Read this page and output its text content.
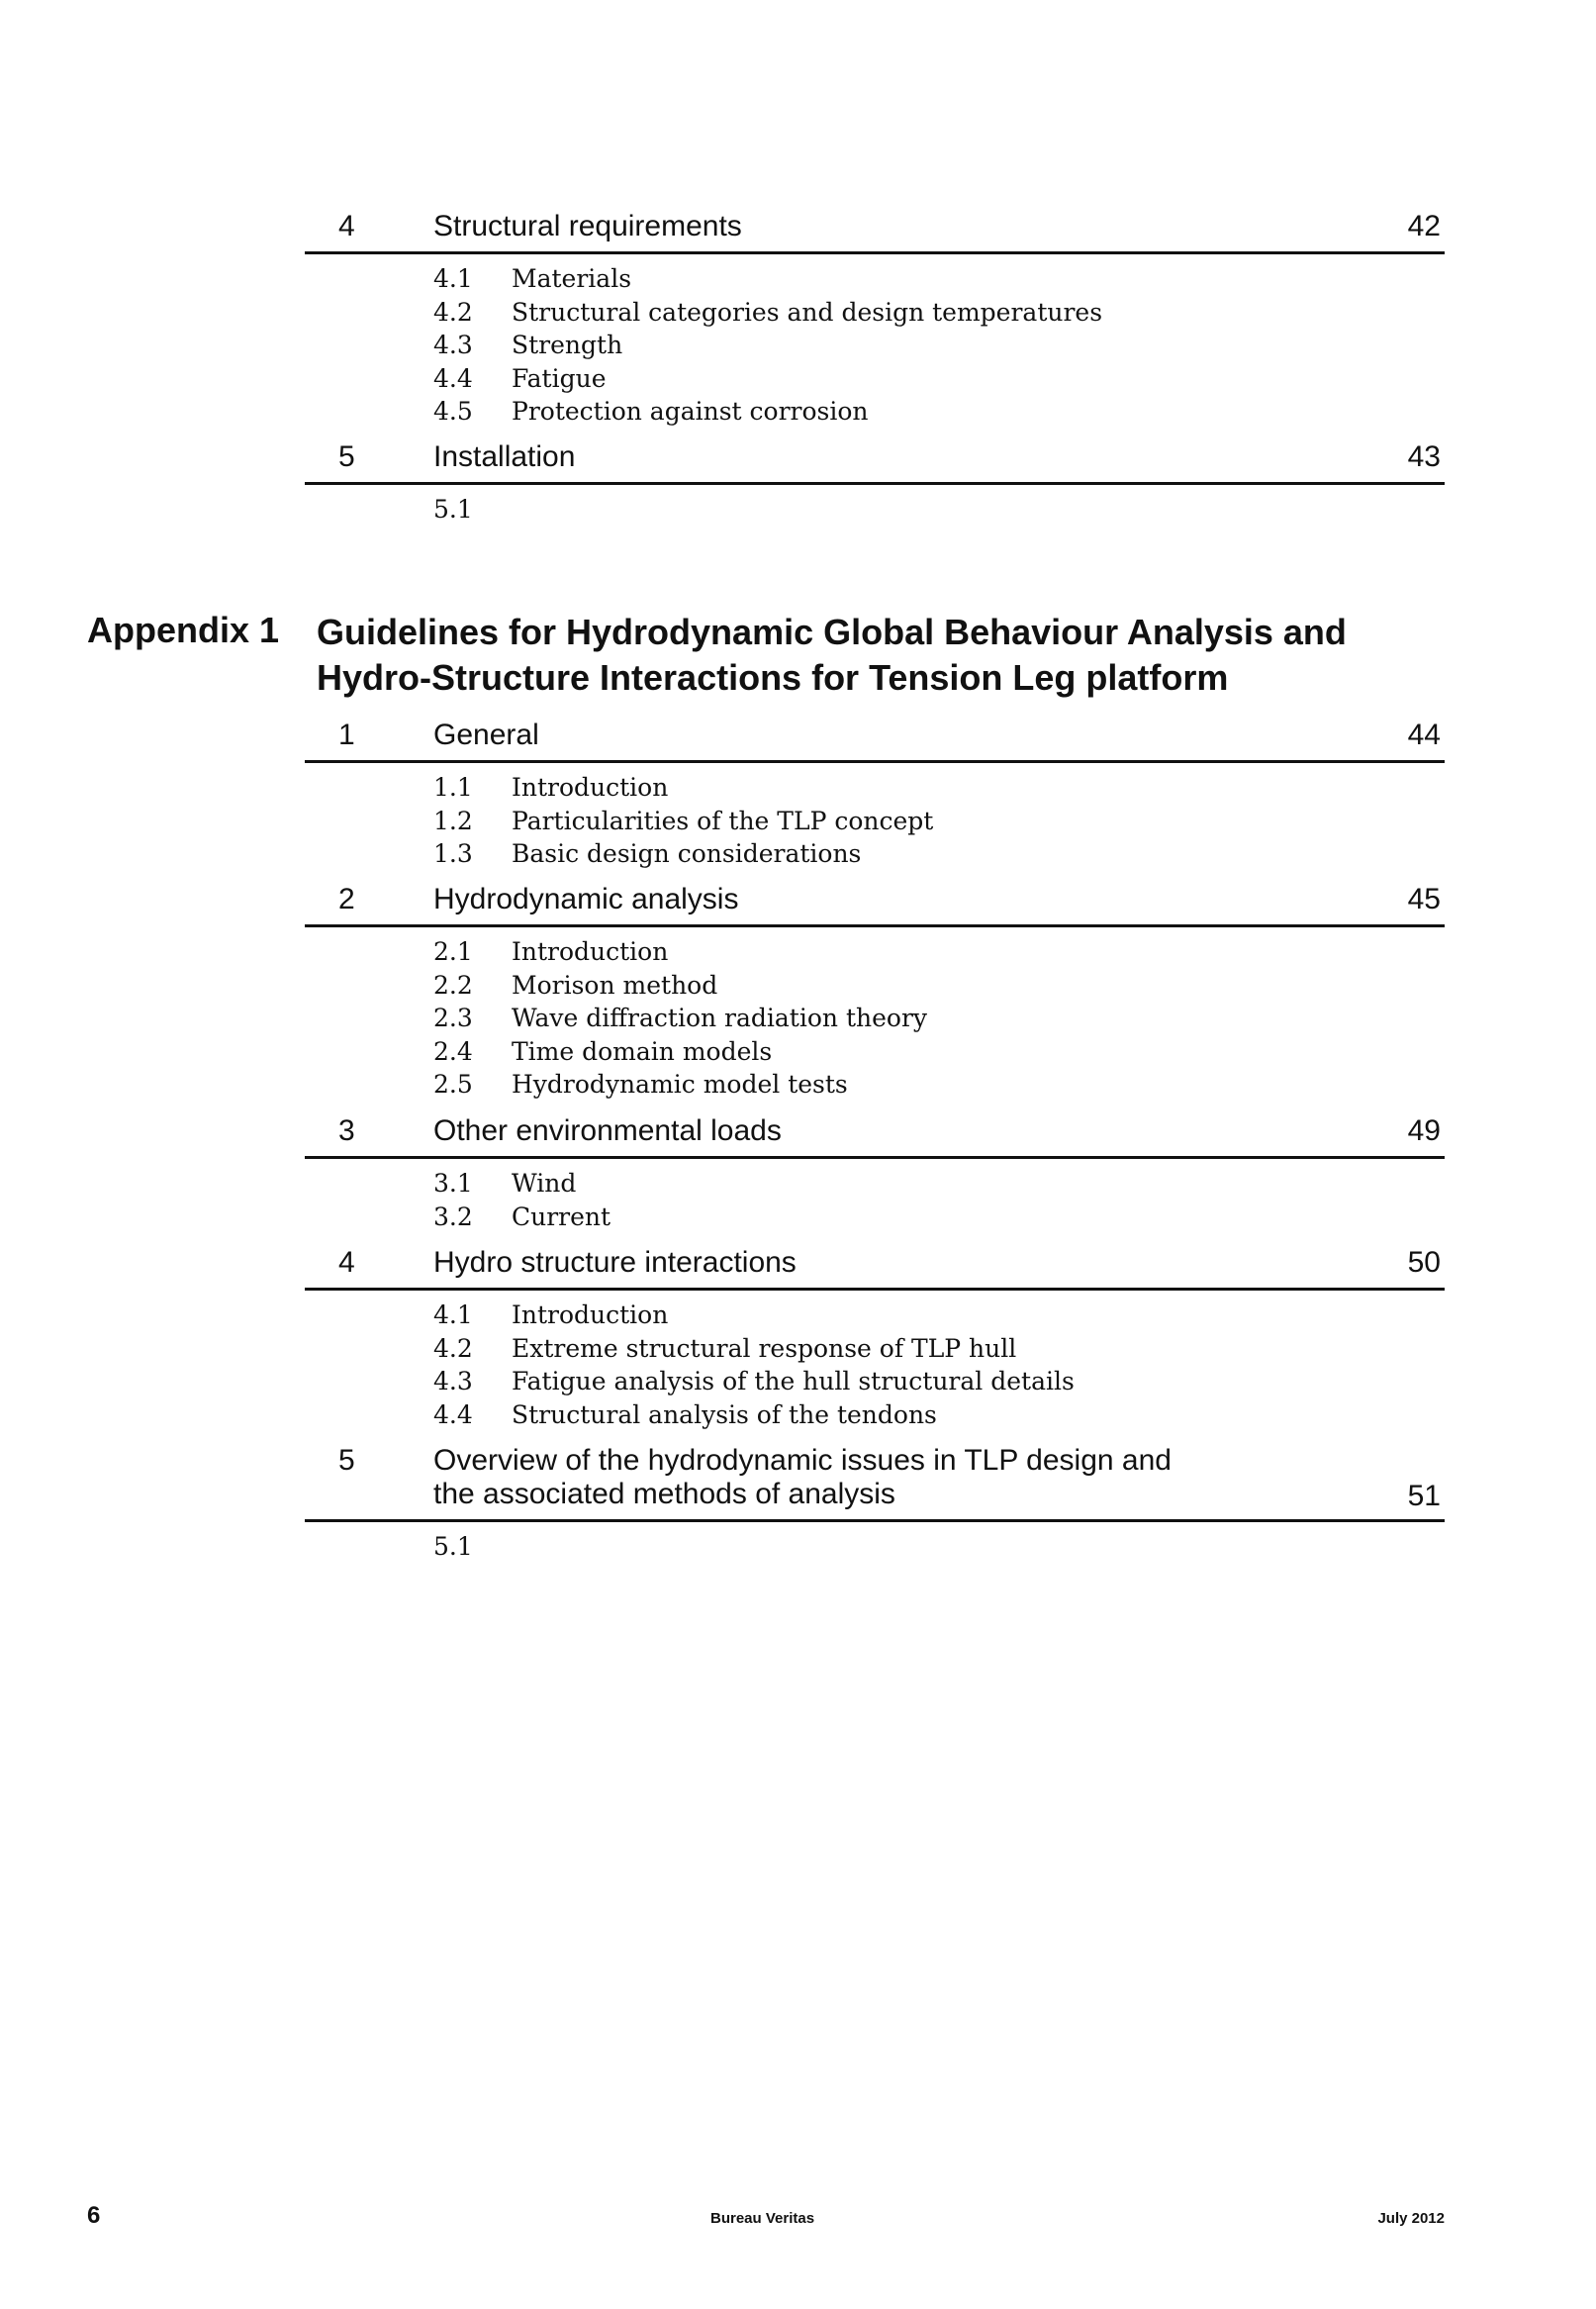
4	Structural requirements	42
4.1 Materials
4.2 Structural categories and design temperatures
4.3 Strength
4.4 Fatigue
4.5 Protection against corrosion
5	Installation	43
5.1
Appendix 1 Guidelines for Hydrodynamic Global Behaviour Analysis and
Hydro-Structure Interactions for Tension Leg platform
1	General	44
1.1 Introduction
1.2 Particularities of the TLP concept
1.3 Basic design considerations
2	Hydrodynamic analysis	45
2.1 Introduction
2.2 Morison method
2.3 Wave diffraction radiation theory
2.4 Time domain models
2.5 Hydrodynamic model tests
3	Other environmental loads	49
3.1 Wind
3.2 Current
4	Hydro structure interactions	50
4.1 Introduction
4.2 Extreme structural response of TLP hull
4.3 Fatigue analysis of the hull structural details
4.4 Structural analysis of the tendons
5	Overview of the hydrodynamic issues in TLP design and
the associated methods of analysis	51
5.1
6	Bureau Veritas	July 2012
